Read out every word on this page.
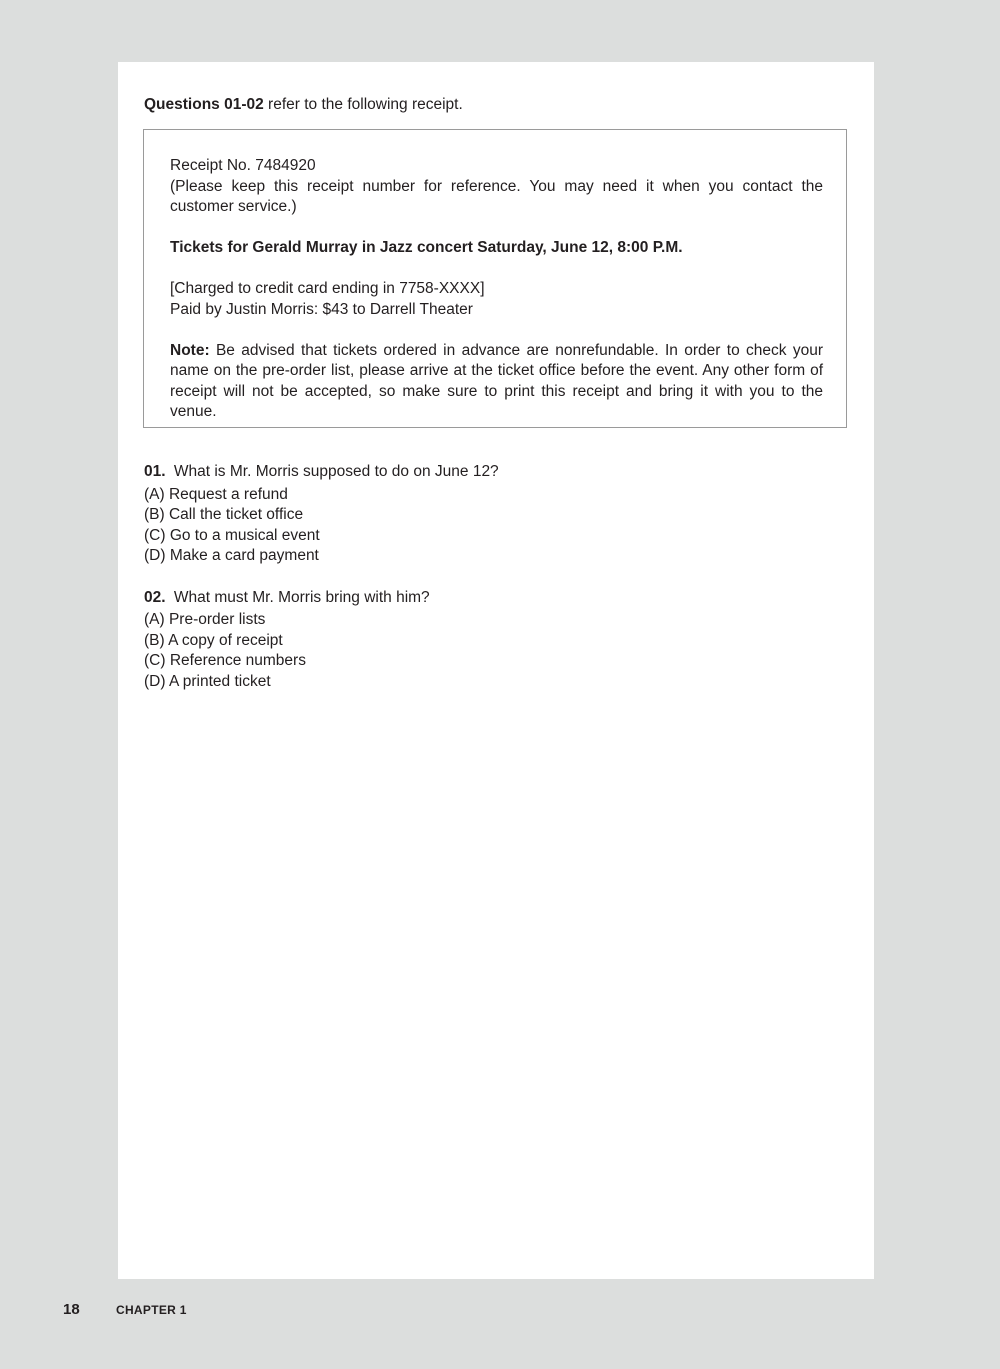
Questions 01-02 refer to the following receipt.

Receipt No. 7484920

(Please keep this receipt number for reference. You may need it when you contact the customer service.)

Tickets for Gerald Murray in Jazz concert Saturday, June 12, 8:00 P.M.

[Charged to credit card ending in 7758-XXXX]

Paid by Justin Morris: $43 to Darrell Theater

Note: Be advised that tickets ordered in advance are nonrefundable. In order to check your name on the pre-order list, please arrive at the ticket office before the event. Any other form of receipt will not be accepted, so make sure to print this receipt and bring it with you to the venue.

01. What is Mr. Morris supposed to do on June 12?

(A) Request a refund

(B) Call the ticket office

(C) Go to a musical event

(D) Make a card payment

02. What must Mr. Morris bring with him?

(A) Pre-order lists

(B) A copy of receipt

(C) Reference numbers

(D) A printed ticket

18	CHAPTER 1
